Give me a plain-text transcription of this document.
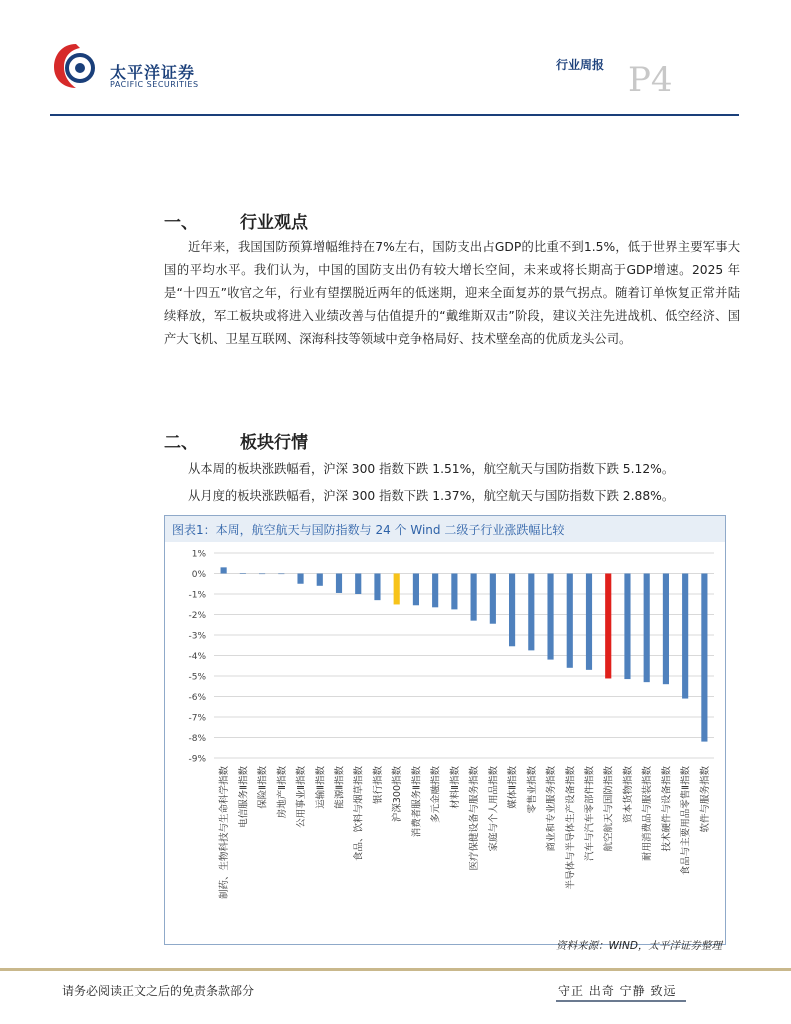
太平洋证券
PACIFIC SECURITIES
行业周报 P4
一、 行业观点
近年来，我国国防预算增幅维持在7%左右，国防支出占GDP的比重不到1.5%，低于世界主要军事大国的平均水平。我们认为，中国的国防支出仍有较大增长空间，未来或将长期高于GDP增速。2025 年是“十四五”收官之年，行业有望摆脱近两年的低迷期，迎来全面复苏的景气拐点。随着订单恢复正常并陆续释放，军工板块或将进入业绩改善与估值提升的“戴维斯双击”阶段，建议关注先进战机、低空经济、国产大飞机、卫星互联网、深海科技等领域中竞争格局好、技术壁垒高的优质龙头公司。
二、 板块行情
从本周的板块涨跌幅看，沪深 300 指数下跌 1.51%，航空航天与国防指数下跌 5.12%。
从月度的板块涨跌幅看，沪深 300 指数下跌 1.37%，航空航天与国防指数下跌 2.88%。
图表1：本周，航空航天与国防指数与 24 个 Wind 二级子行业涨跌幅比较
1%
0%
-1%
-2%
-3%
-4%
-5%
-6%
-7%
-8%
-9%
制药、生物科技与生命科学指数 电信服务Ⅱ指数 保险Ⅱ指数 房地产Ⅱ指数 公用事业Ⅱ指数 运输Ⅱ指数 能源Ⅱ指数 食品、饮料与烟草指数 银行指数 沪深300指数 消费者服务Ⅱ指数 多元金融指数 材料Ⅱ指数 医疗保健设备与服务指数 家庭与个人用品指数 媒体Ⅱ指数 零售业指数 商业和专业服务指数 半导体与半导体生产设备指数 汽车与汽车零部件指数 航空航天与国防指数 资本货物指数 耐用消费品与服装指数 技术硬件与设备指数 食品与主要用品零售Ⅱ指数 软件与服务指数
资料来源：WIND，太平洋证券整理
请务必阅读正文之后的免责条款部分	守正 出奇 宁静 致远
